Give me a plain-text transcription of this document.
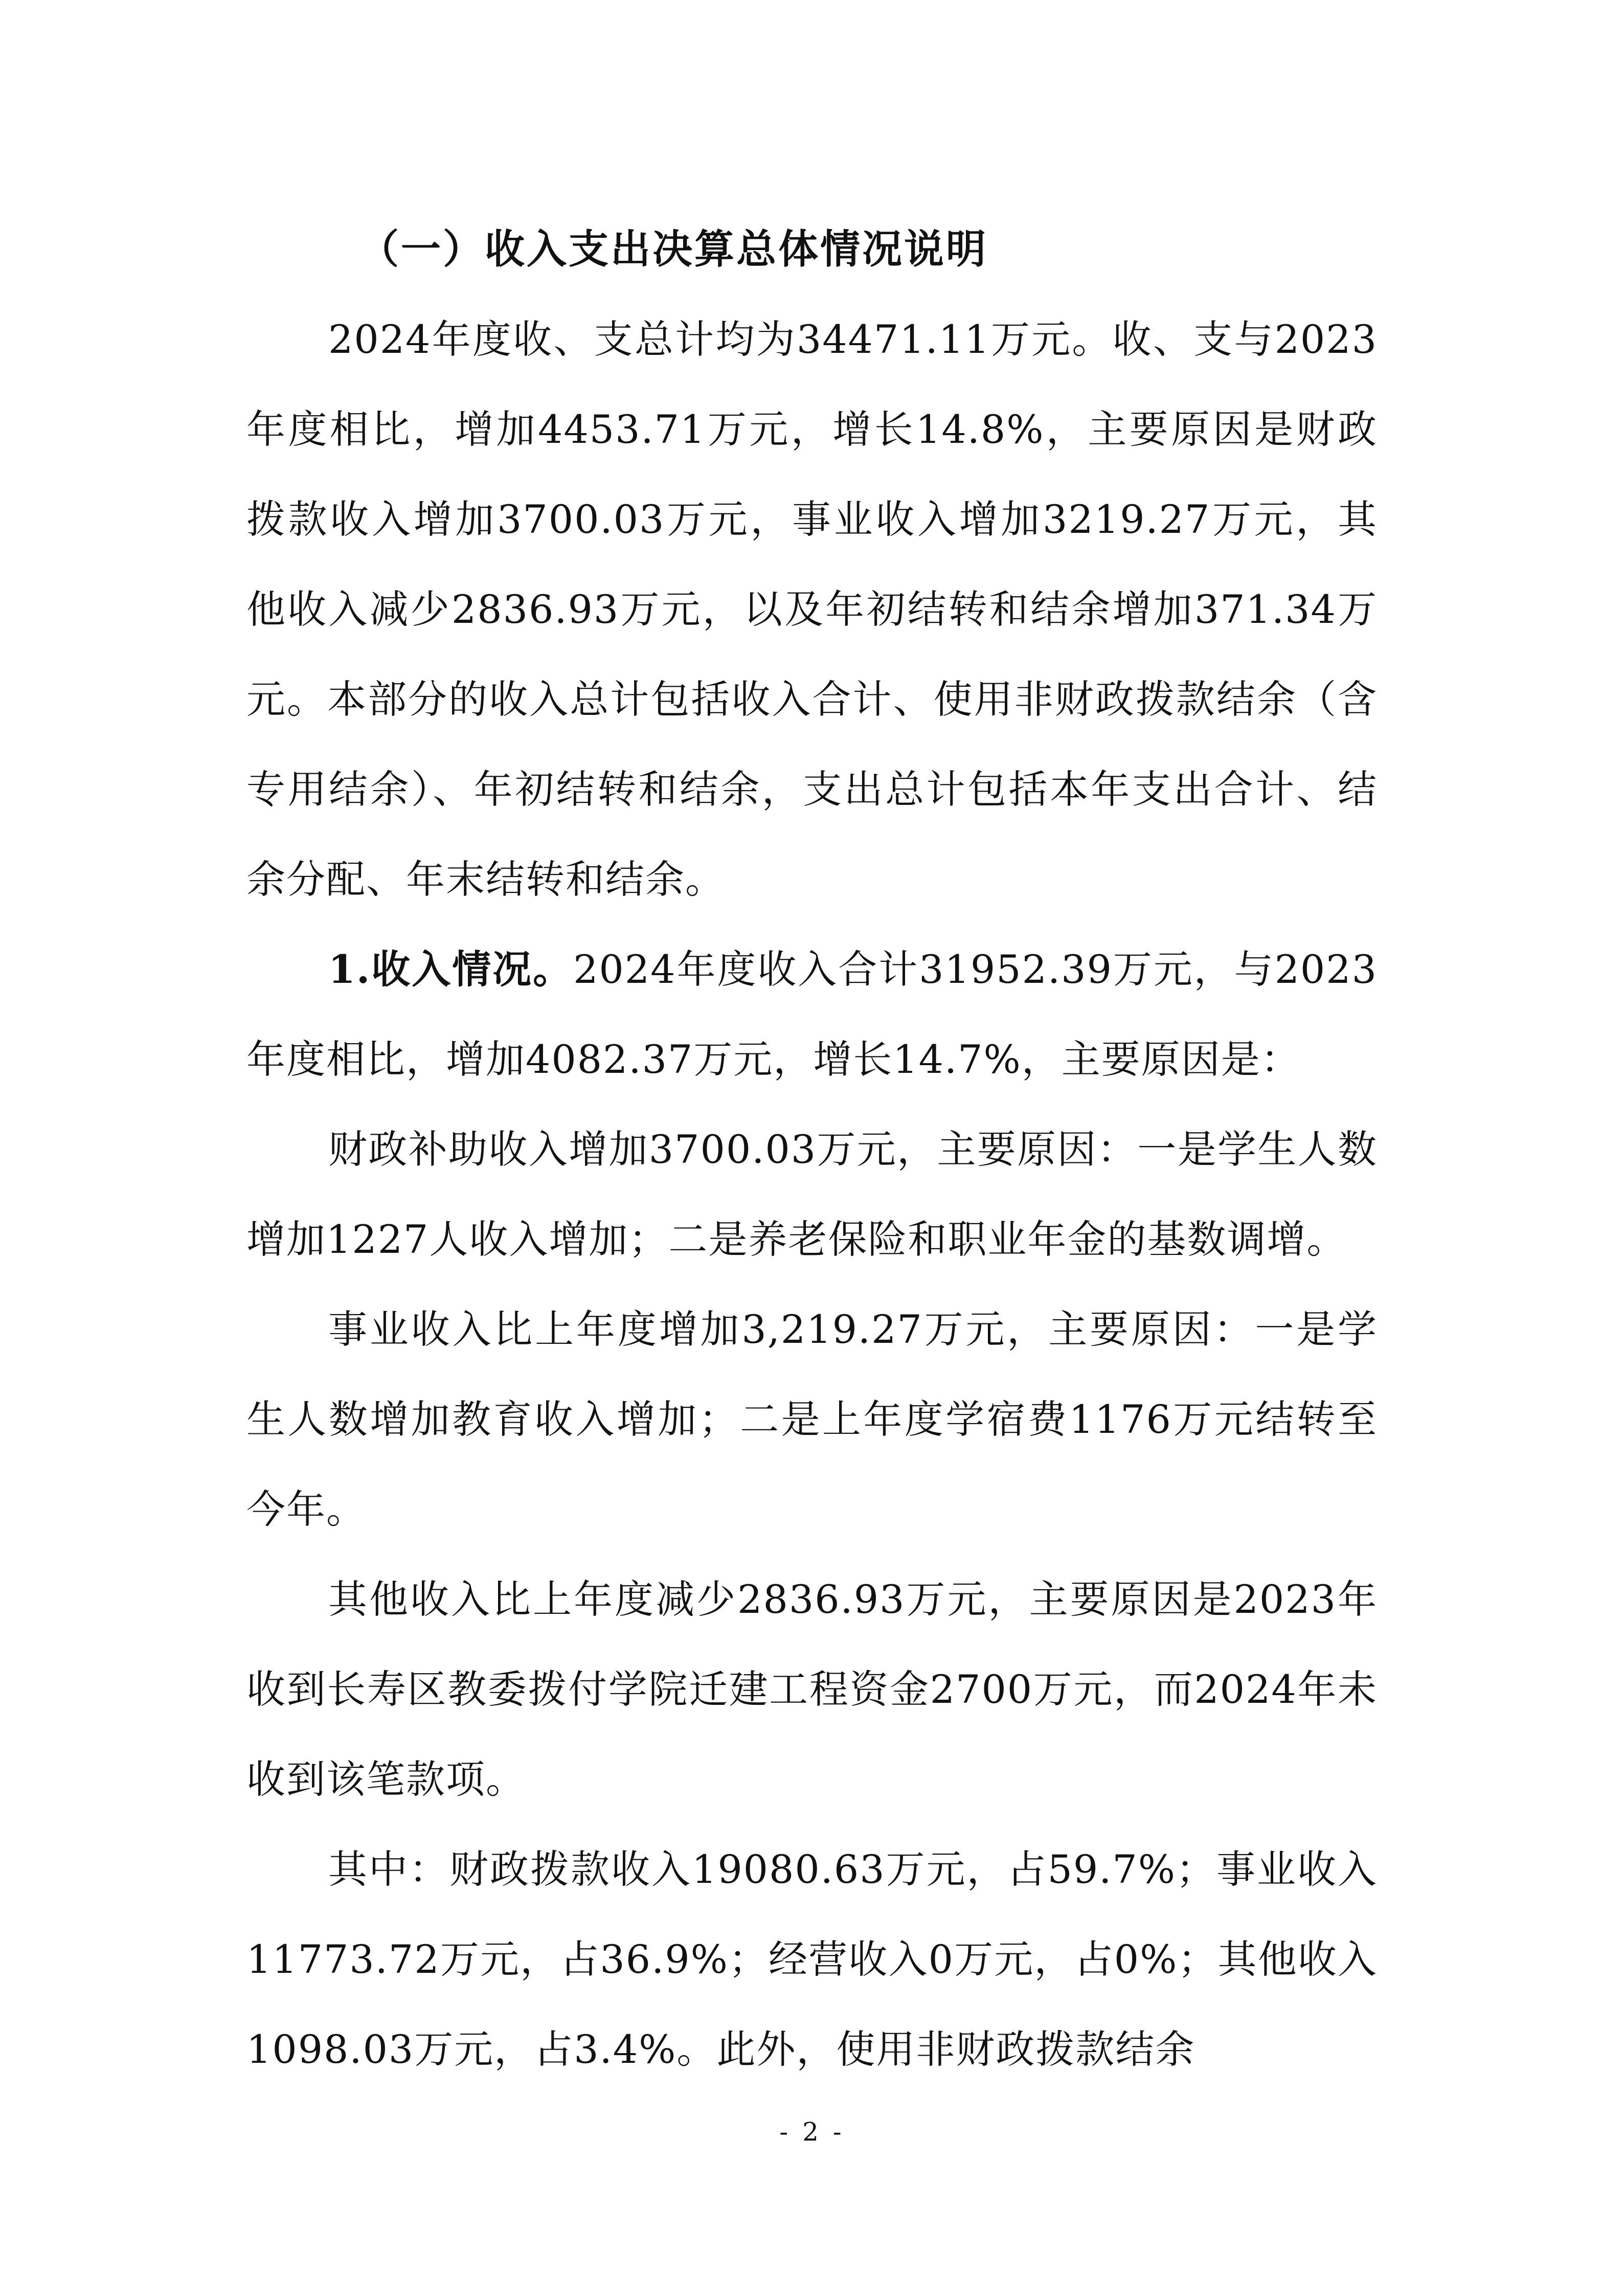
（一）收入支出决算总体情况说明

2024年度收、支总计均为34471.11万元。收、支与2023年度相比，增加4453.71万元，增长14.8%，主要原因是财政拨款收入增加3700.03万元，事业收入增加3219.27万元，其他收入减少2836.93万元，以及年初结转和结余增加371.34万元。本部分的收入总计包括收入合计、使用非财政拨款结余（含专用结余）、年初结转和结余，支出总计包括本年支出合计、结余分配、年末结转和结余。

1.收入情况。2024年度收入合计31952.39万元，与2023年度相比，增加4082.37万元，增长14.7%，主要原因是：

财政补助收入增加3700.03万元，主要原因：一是学生人数增加1227人收入增加；二是养老保险和职业年金的基数调增。

事业收入比上年度增加3,219.27万元，主要原因：一是学生人数增加教育收入增加；二是上年度学宿费1176万元结转至今年。

其他收入比上年度减少2836.93万元，主要原因是2023年收到长寿区教委拨付学院迁建工程资金2700万元，而2024年未收到该笔款项。

其中：财政拨款收入19080.63万元，占59.7%；事业收入11773.72万元，占36.9%；经营收入0万元，占0%；其他收入1098.03万元，占3.4%。此外，使用非财政拨款结余

- 2 -
